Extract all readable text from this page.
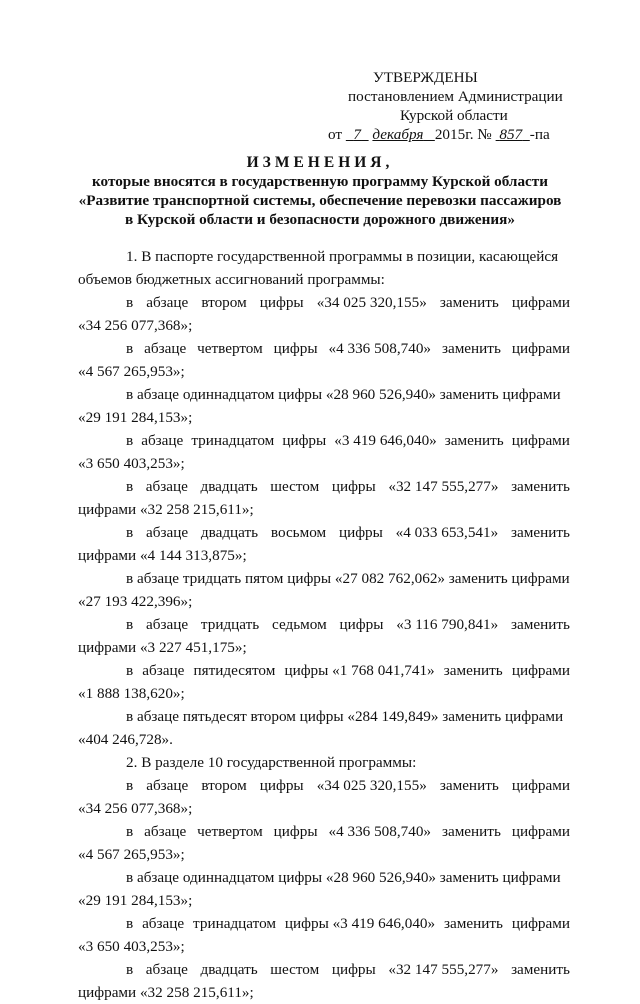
УТВЕРЖДЕНЫ
постановлением Администрации
Курской области
от   7 декабря 2015г. № 857 -па
ИЗМЕНЕНИЯ,
которые вносятся в государственную программу Курской области
«Развитие транспортной системы, обеспечение перевозки пассажиров
в Курской области и безопасности дорожного движения»
1. В паспорте государственной программы в позиции, касающейся
объемов бюджетных ассигнований программы:
в абзаце втором цифры «34 025 320,155» заменить цифрами
«34 256 077,368»;
в абзаце четвертом цифры «4 336 508,740» заменить цифрами
«4 567 265,953»;
в абзаце одиннадцатом цифры «28 960 526,940» заменить цифрами
«29 191 284,153»;
в абзаце тринадцатом цифры «3 419 646,040» заменить цифрами
«3 650 403,253»;
в абзаце двадцать шестом цифры «32 147 555,277» заменить
цифрами «32 258 215,611»;
в абзаце двадцать восьмом цифры «4 033 653,541» заменить
цифрами «4 144 313,875»;
в абзаце тридцать пятом цифры «27 082 762,062» заменить цифрами
«27 193 422,396»;
в абзаце тридцать седьмом цифры «3 116 790,841» заменить
цифрами «3 227 451,175»;
в абзаце пятидесятом цифры «1 768 041,741» заменить цифрами
«1 888 138,620»;
в абзаце пятьдесят втором цифры «284 149,849» заменить цифрами
«404 246,728».
2. В разделе 10 государственной программы:
в абзаце втором цифры «34 025 320,155» заменить цифрами
«34 256 077,368»;
в абзаце четвертом цифры «4 336 508,740» заменить цифрами
«4 567 265,953»;
в абзаце одиннадцатом цифры «28 960 526,940» заменить цифрами
«29 191 284,153»;
в абзаце тринадцатом цифры «3 419 646,040» заменить цифрами
«3 650 403,253»;
в абзаце двадцать шестом цифры «32 147 555,277» заменить
цифрами «32 258 215,611»;
